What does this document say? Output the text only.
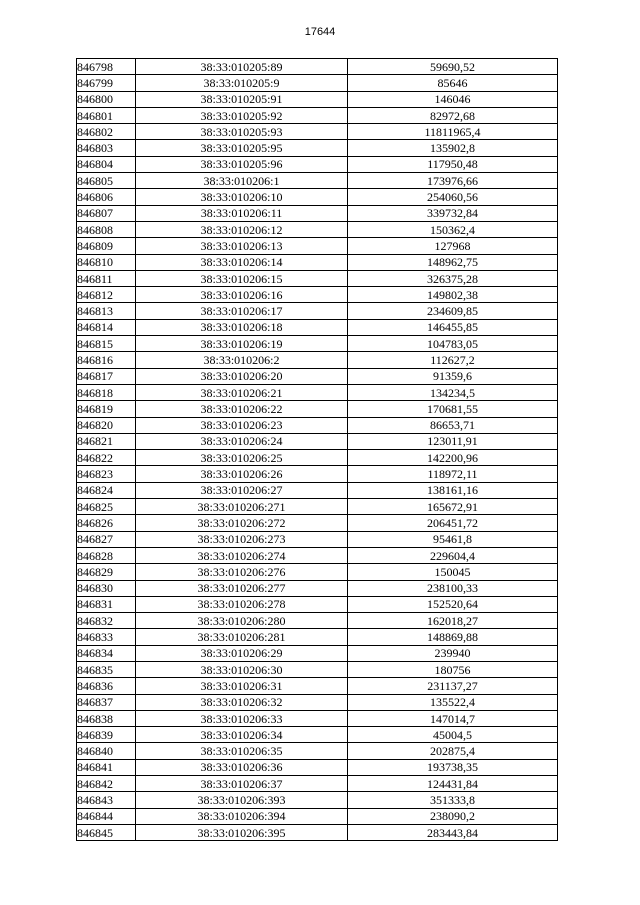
17644
846798	38:33:010205:89	59690,52
846799	38:33:010205:9	85646
846800	38:33:010205:91	146046
846801	38:33:010205:92	82972,68
846802	38:33:010205:93	11811965,4
846803	38:33:010205:95	135902,8
846804	38:33:010205:96	117950,48
846805	38:33:010206:1	173976,66
846806	38:33:010206:10	254060,56
846807	38:33:010206:11	339732,84
846808	38:33:010206:12	150362,4
846809	38:33:010206:13	127968
846810	38:33:010206:14	148962,75
846811	38:33:010206:15	326375,28
846812	38:33:010206:16	149802,38
846813	38:33:010206:17	234609,85
846814	38:33:010206:18	146455,85
846815	38:33:010206:19	104783,05
846816	38:33:010206:2	112627,2
846817	38:33:010206:20	91359,6
846818	38:33:010206:21	134234,5
846819	38:33:010206:22	170681,55
846820	38:33:010206:23	86653,71
846821	38:33:010206:24	123011,91
846822	38:33:010206:25	142200,96
846823	38:33:010206:26	118972,11
846824	38:33:010206:27	138161,16
846825	38:33:010206:271	165672,91
846826	38:33:010206:272	206451,72
846827	38:33:010206:273	95461,8
846828	38:33:010206:274	229604,4
846829	38:33:010206:276	150045
846830	38:33:010206:277	238100,33
846831	38:33:010206:278	152520,64
846832	38:33:010206:280	162018,27
846833	38:33:010206:281	148869,88
846834	38:33:010206:29	239940
846835	38:33:010206:30	180756
846836	38:33:010206:31	231137,27
846837	38:33:010206:32	135522,4
846838	38:33:010206:33	147014,7
846839	38:33:010206:34	45004,5
846840	38:33:010206:35	202875,4
846841	38:33:010206:36	193738,35
846842	38:33:010206:37	124431,84
846843	38:33:010206:393	351333,8
846844	38:33:010206:394	238090,2
846845	38:33:010206:395	283443,84
